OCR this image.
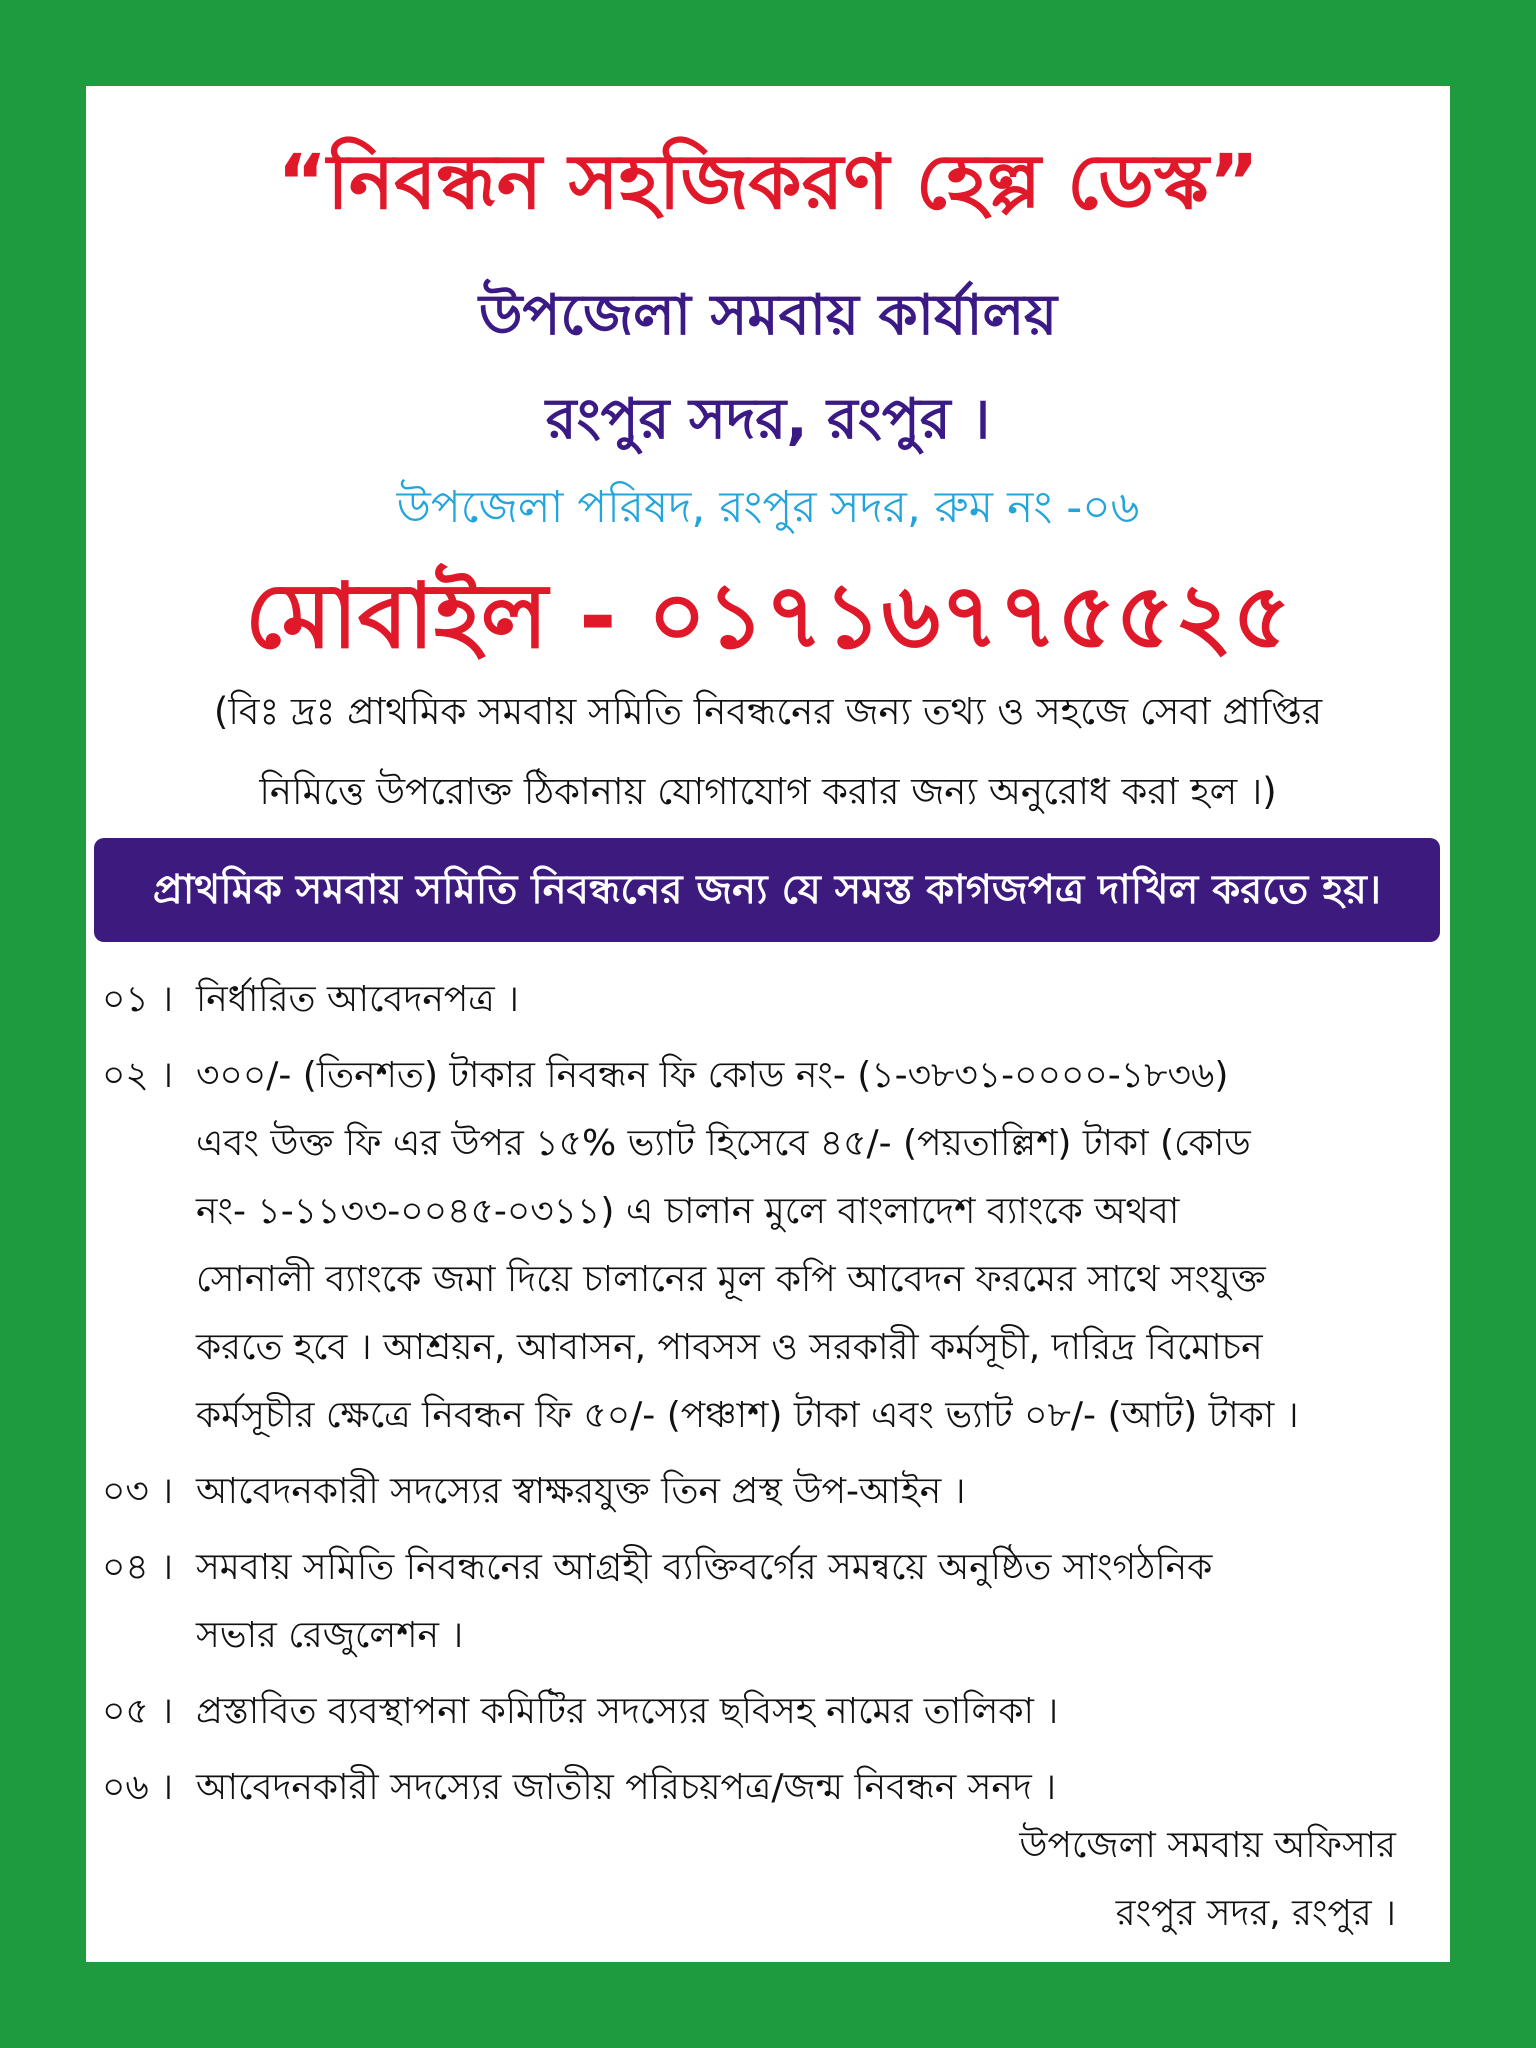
“নিবন্ধন সহজিকরণ হেল্প ডেস্ক”
উপজেলা সমবায় কার্যালয়
রংপুর সদর, রংপুর ।
উপজেলা পরিষদ, রংপুর সদর, রুম নং -০৬
মোবাইল - ০১৭১৬৭৭৫৫২৫
(বিঃ দ্রঃ প্রাথমিক সমবায় সমিতি নিবন্ধনের জন্য তথ্য ও সহজে সেবা প্রাপ্তির
নিমিত্তে উপরোক্ত ঠিকানায় যোগাযোগ করার জন্য অনুরোধ করা হল ।)
প্রাথমিক সমবায় সমিতি নিবন্ধনের জন্য যে সমস্ত কাগজপত্র দাখিল করতে হয়।
০১ । নির্ধারিত আবেদনপত্র ।
০২ । ৩০০/- (তিনশত) টাকার নিবন্ধন ফি কোড নং- (১-৩৮৩১-০০০০-১৮৩৬)
এবং উক্ত ফি এর উপর ১৫% ভ্যাট হিসেবে ৪৫/- (পয়তাল্লিশ) টাকা (কোড
নং- ১-১১৩৩-০০৪৫-০৩১১) এ চালান মুলে বাংলাদেশ ব্যাংকে অথবা
সোনালী ব্যাংকে জমা দিয়ে চালানের মূল কপি আবেদন ফরমের সাথে সংযুক্ত
করতে হবে । আশ্রয়ন, আবাসন, পাবসস ও সরকারী কর্মসূচী, দারিদ্র বিমোচন
কর্মসূচীর ক্ষেত্রে নিবন্ধন ফি ৫০/- (পঞ্চাশ) টাকা এবং ভ্যাট ০৮/- (আট) টাকা ।
০৩ । আবেদনকারী সদস্যের স্বাক্ষরযুক্ত তিন প্রস্থ উপ-আইন ।
০৪ । সমবায় সমিতি নিবন্ধনের আগ্রহী ব্যক্তিবর্গের সমন্বয়ে অনুষ্ঠিত সাংগঠনিক
সভার রেজুলেশন ।
০৫ । প্রস্তাবিত ব্যবস্থাপনা কমিটির সদস্যের ছবিসহ নামের তালিকা ।
০৬ । আবেদনকারী সদস্যের জাতীয় পরিচয়পত্র/জন্ম নিবন্ধন সনদ ।
উপজেলা সমবায় অফিসার
রংপুর সদর, রংপুর ।
